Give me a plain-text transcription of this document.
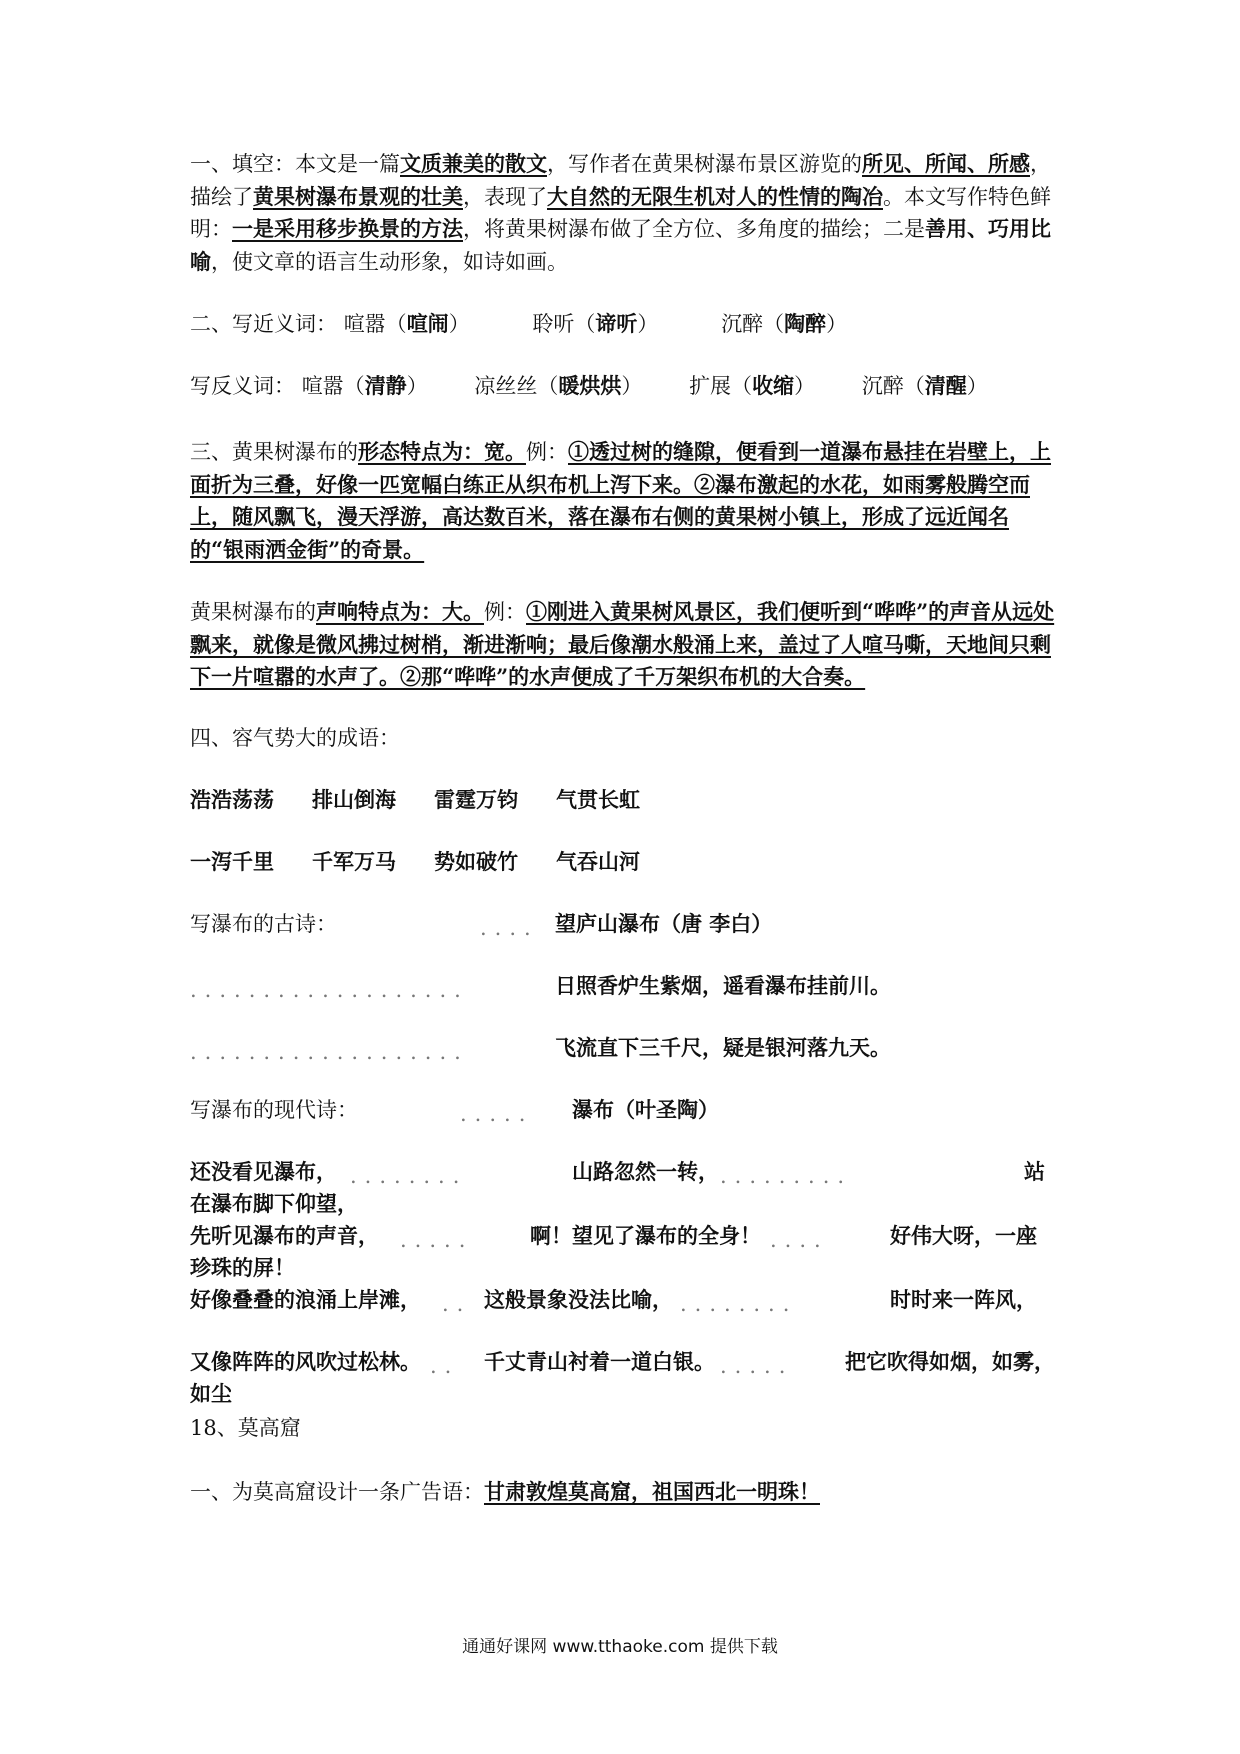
一、填空：本文是一篇文质兼美的散文，写作者在黄果树瀑布景区游览的所见、所闻、所感，描绘了黄果树瀑布景观的壮美，表现了大自然的无限生机对人的性情的陶冶。本文写作特色鲜明：一是采用移步换景的方法，将黄果树瀑布做了全方位、多角度的描绘；二是善用、巧用比喻，使文章的语言生动形象，如诗如画。
二、写近义词： 喧嚣（喧闹）	聆听（谛听）	沉醉（陶醉）
写反义词： 喧嚣（清静） 凉丝丝（暖烘烘） 扩展（收缩） 沉醉（清醒）
三、黄果树瀑布的形态特点为：宽。例：①透过树的缝隙，便看到一道瀑布悬挂在岩壁上，上面折为三叠，好像一匹宽幅白练正从织布机上泻下来。②瀑布激起的水花，如雨雾般腾空而上，随风飘飞，漫天浮游，高达数百米，落在瀑布右侧的黄果树小镇上，形成了远近闻名的“银雨洒金街”的奇景。
黄果树瀑布的声响特点为：大。例：①刚进入黄果树风景区，我们便听到“哗哗”的声音从远处飘来，就像是微风拂过树梢，渐进渐响；最后像潮水般涌上来，盖过了人喧马嘶，天地间只剩下一片喧嚣的水声了。②那“哗哗”的水声便成了千万架织布机的大合奏。
四、容气势大的成语：
浩浩荡荡 排山倒海 雷霆万钧 气贯长虹
一泻千里 千军万马 势如破竹 气吞山河
写瀑布的古诗：	.... 望庐山瀑布（唐 李白）
...................	日照香炉生紫烟，遥看瀑布挂前川。
...................	飞流直下三千尺，疑是银河落九天。
写瀑布的现代诗：	..... 瀑布（叶圣陶）
还没看见瀑布， ........	山路忽然一转， .........	站
在瀑布脚下仰望，
先听见瀑布的声音， .....	啊！望见了瀑布的全身！ ....	好伟大呀，一座
珍珠的屏！
好像叠叠的浪涌上岸滩， .. 这般景象没法比喻， ........	时时来一阵风，
又像阵阵的风吹过松林。 .. 千丈青山衬着一道白银。 ..... 把它吹得如烟，如雾，
如尘
18、莫高窟
一、为莫高窟设计一条广告语：甘肃敦煌莫高窟，祖国西北一明珠！
通通好课网 www.tthaoke.com 提供下载
